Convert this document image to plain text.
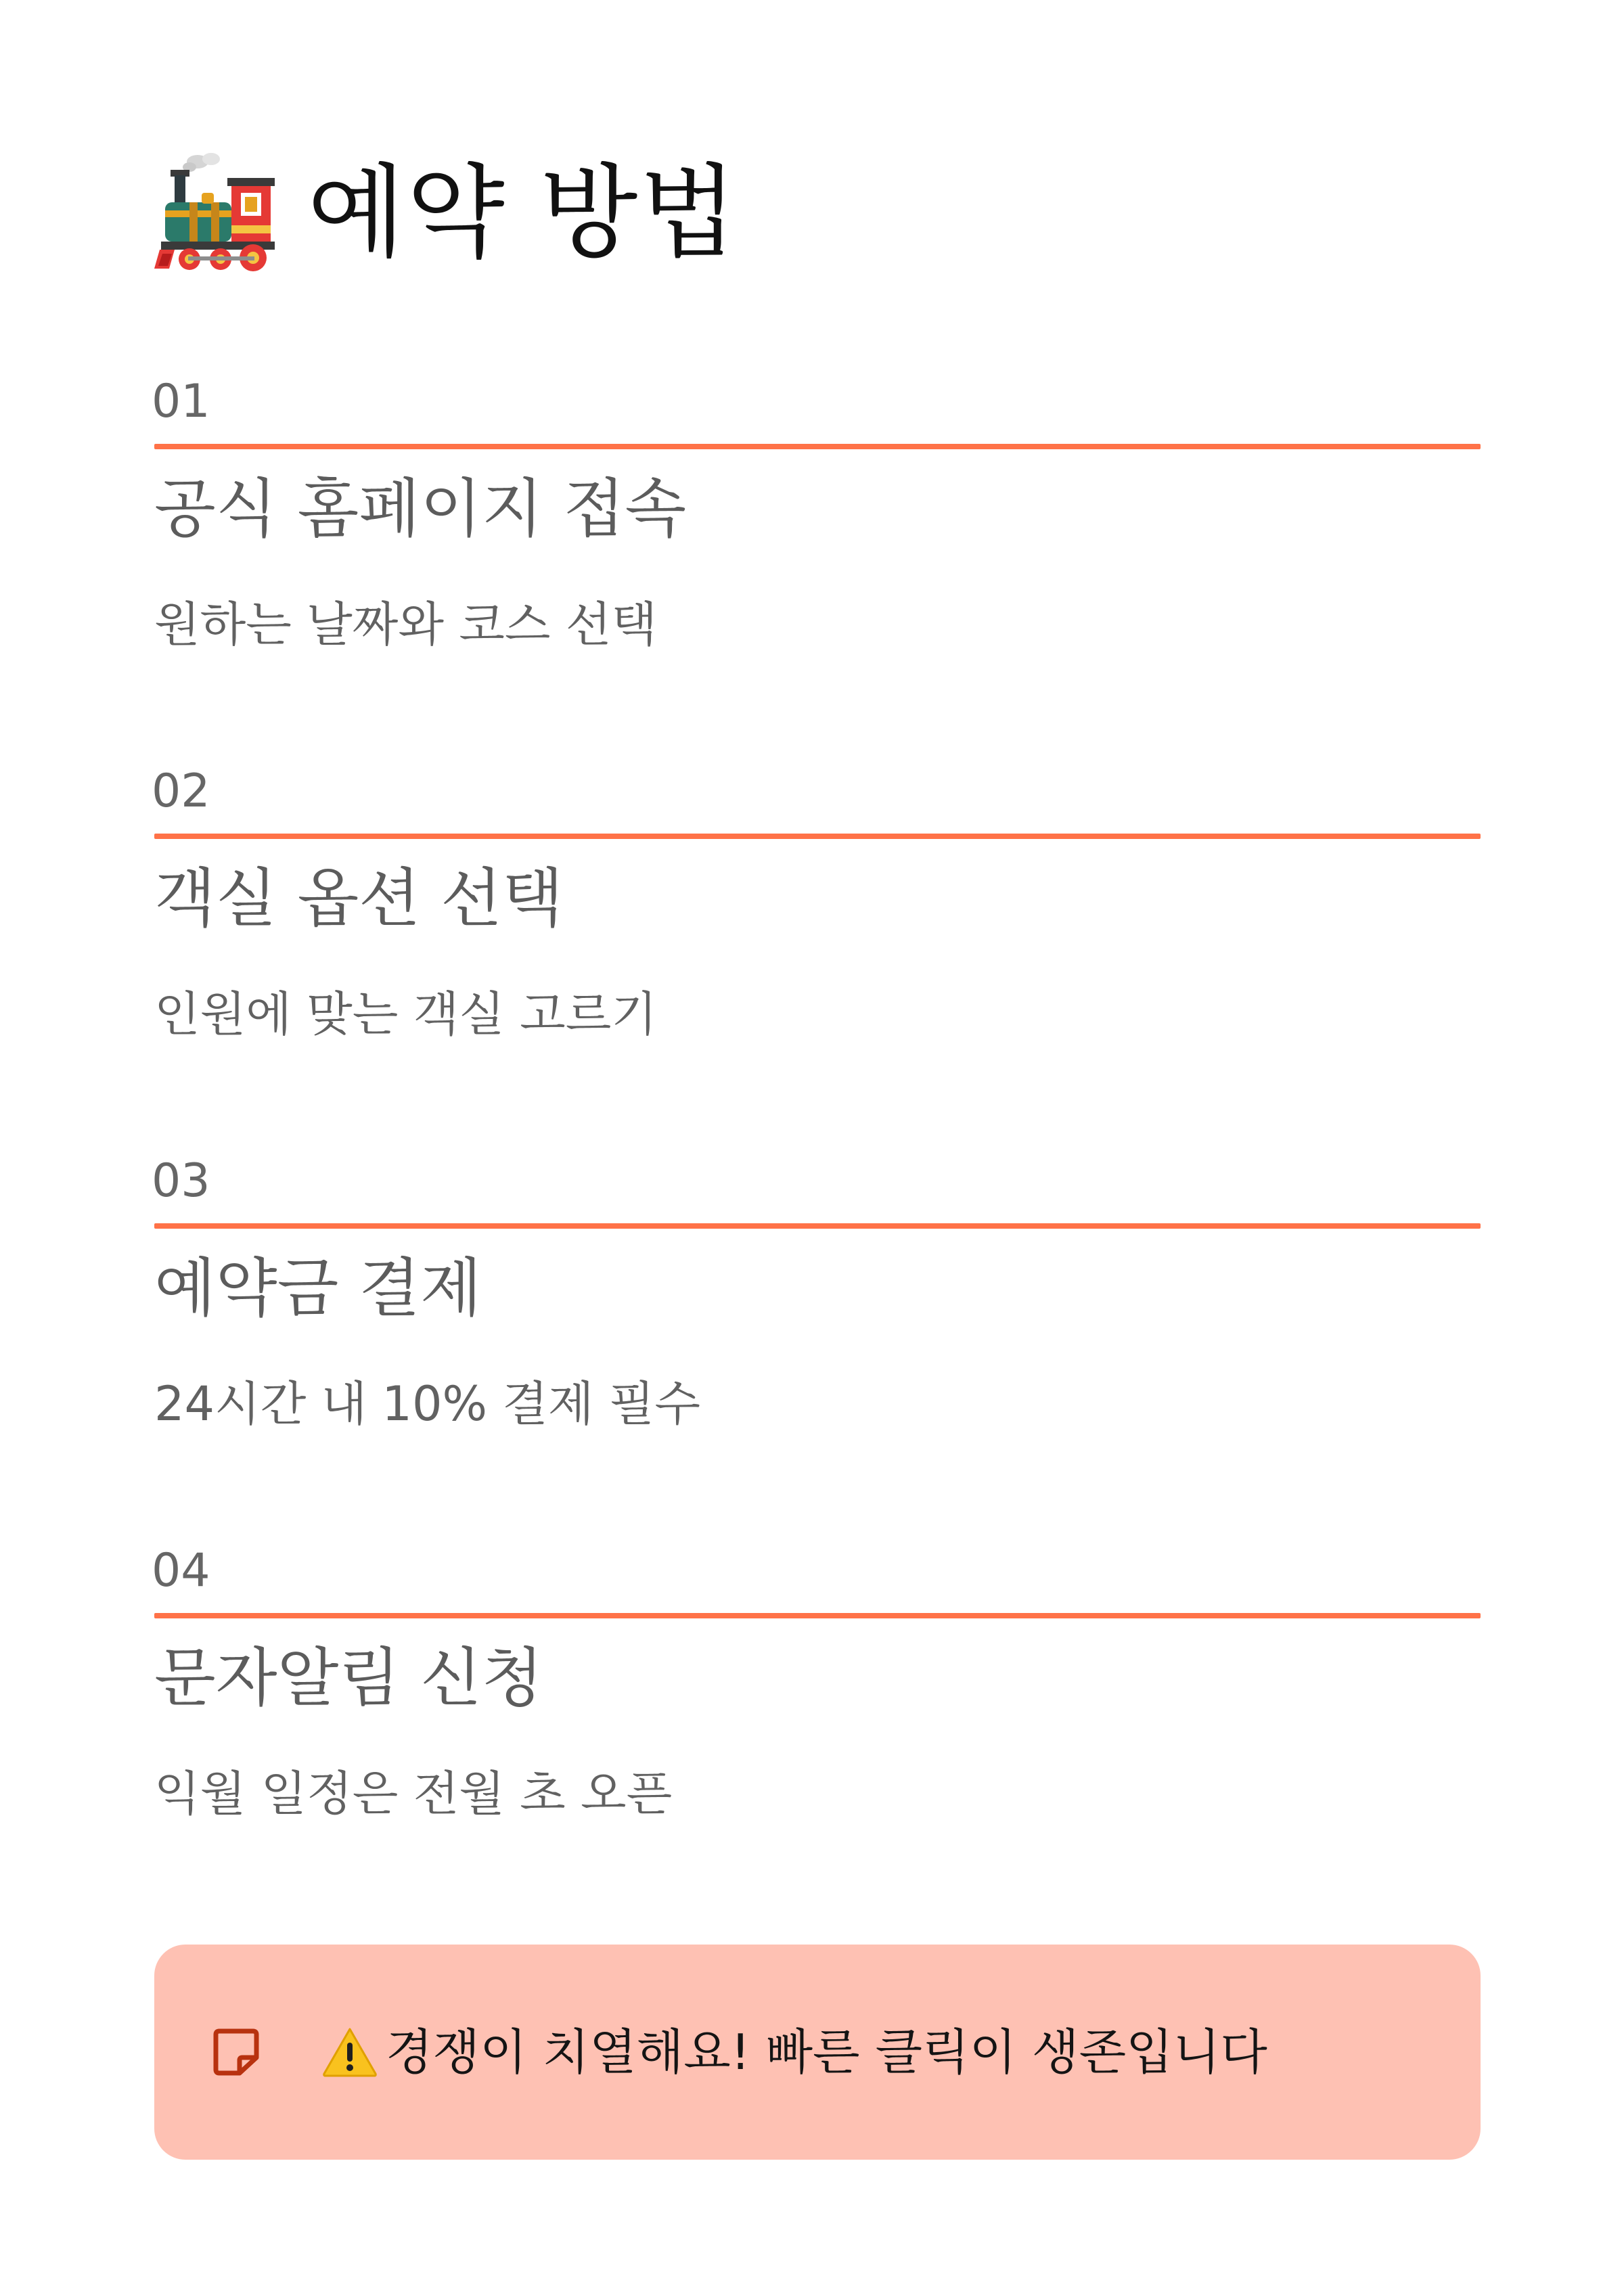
예약 방법
01
공식 홈페이지 접속
원하는 날짜와 코스 선택
02
객실 옵션 선택
인원에 맞는 객실 고르기
03
예약금 결제
24시간 내 10% 결제 필수
04
문자알림 신청
익월 일정은 전월 초 오픈
경쟁이 치열해요! 빠른 클릭이 생존입니다
